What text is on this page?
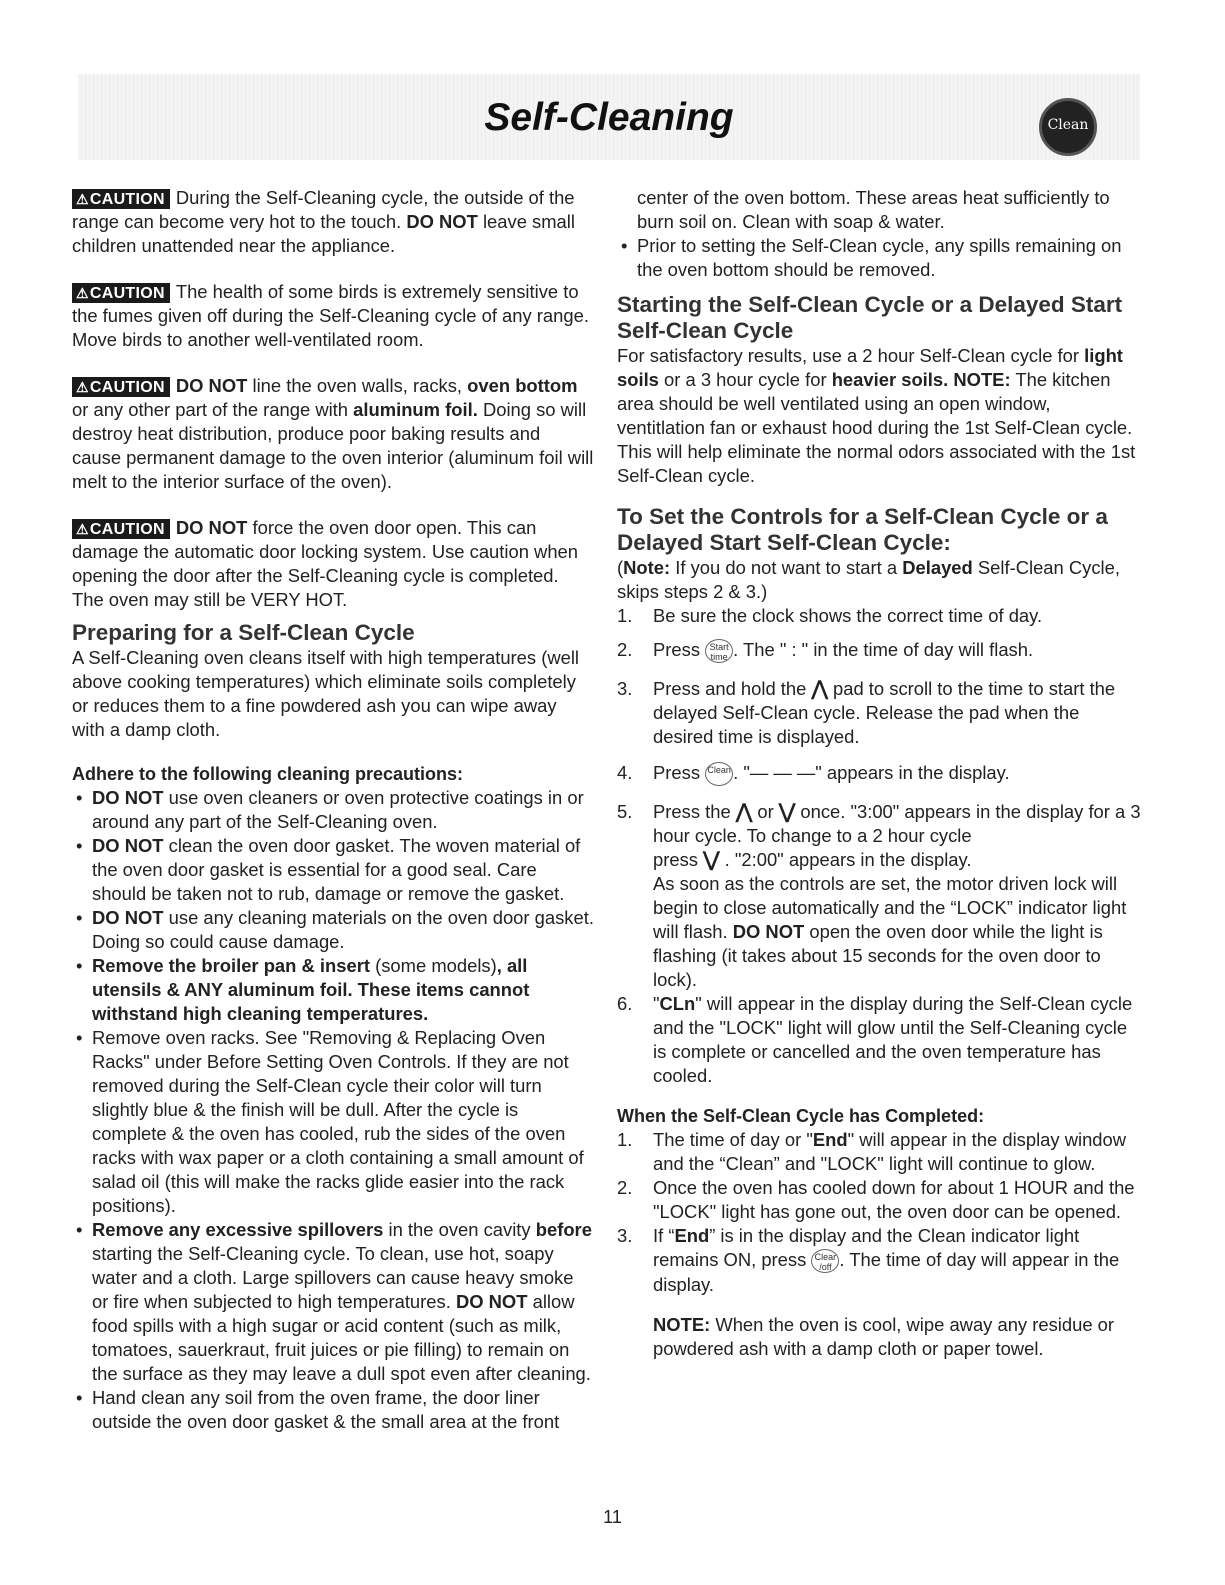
Self-Cleaning	Clean

⚠CAUTION During the Self-Cleaning cycle, the outside of the range can become very hot to the touch. DO NOT leave small children unattended near the appliance.

⚠CAUTION The health of some birds is extremely sensitive to the fumes given off during the Self-Cleaning cycle of any range. Move birds to another well-ventilated room.

⚠CAUTION DO NOT line the oven walls, racks, oven bottom or any other part of the range with aluminum foil. Doing so will destroy heat distribution, produce poor baking results and cause permanent damage to the oven interior (aluminum foil will melt to the interior surface of the oven).

⚠CAUTION DO NOT force the oven door open. This can damage the automatic door locking system. Use caution when opening the door after the Self-Cleaning cycle is completed. The oven may still be VERY HOT.

Preparing for a Self-Clean Cycle

A Self-Cleaning oven cleans itself with high temperatures (well above cooking temperatures) which eliminate soils completely or reduces them to a fine powdered ash you can wipe away with a damp cloth.

Adhere to the following cleaning precautions:
• DO NOT use oven cleaners or oven protective coatings in or around any part of the Self-Cleaning oven.
• DO NOT clean the oven door gasket. The woven material of the oven door gasket is essential for a good seal. Care should be taken not to rub, damage or remove the gasket.
• DO NOT use any cleaning materials on the oven door gasket. Doing so could cause damage.
• Remove the broiler pan & insert (some models), all utensils & ANY aluminum foil. These items cannot withstand high cleaning temperatures.
• Remove oven racks. See "Removing & Replacing Oven Racks" under Before Setting Oven Controls. If they are not removed during the Self-Clean cycle their color will turn slightly blue & the finish will be dull. After the cycle is complete & the oven has cooled, rub the sides of the oven racks with wax paper or a cloth containing a small amount of salad oil (this will make the racks glide easier into the rack positions).
• Remove any excessive spillovers in the oven cavity before starting the Self-Cleaning cycle. To clean, use hot, soapy water and a cloth. Large spillovers can cause heavy smoke or fire when subjected to high temperatures. DO NOT allow food spills with a high sugar or acid content (such as milk, tomatoes, sauerkraut, fruit juices or pie filling) to remain on the surface as they may leave a dull spot even after cleaning.
• Hand clean any soil from the oven frame, the door liner outside the oven door gasket & the small area at the front

center of the oven bottom. These areas heat sufficiently to burn soil on. Clean with soap & water.

• Prior to setting the Self-Clean cycle, any spills remaining on the oven bottom should be removed.
Starting the Self-Clean Cycle or a Delayed Start Self-Clean Cycle

For satisfactory results, use a 2 hour Self-Clean cycle for light soils or a 3 hour cycle for heavier soils. NOTE: The kitchen area should be well ventilated using an open window, ventitlation fan or exhaust hood during the 1st Self-Clean cycle. This will help eliminate the normal odors associated with the 1st Self-Clean cycle.

To Set the Controls for a Self-Clean Cycle or a Delayed Start Self-Clean Cycle:

(Note: If you do not want to start a Delayed Self-Clean Cycle, skips steps 2 & 3.)

1. Be sure the clock shows the correct time of day.
2. Press Start time . The " : " in the time of day will flash.
3. Press and hold the ⋀ pad to scroll to the time to start the delayed Self-Clean cycle. Release the pad when the desired time is displayed.
4. Press Clean . "— — —" appears in the display.
5. Press the ⋀ or ⋁ once. "3:00" appears in the display for a 3 hour cycle. To change to a 2 hour cycle
press ⋁ . "2:00" appears in the display.
As soon as the controls are set, the motor driven lock will begin to close automatically and the “LOCK” indicator light will flash. DO NOT open the oven door while the light is flashing (it takes about 15 seconds for the oven door to lock).
6. "CLn" will appear in the display during the Self-Clean cycle and the "LOCK" light will glow until the Self-Cleaning cycle is complete or cancelled and the oven temperature has cooled.
When the Self-Clean Cycle has Completed:
1. The time of day or "End" will appear in the display window and the “Clean” and "LOCK" light will continue to glow.
2. Once the oven has cooled down for about 1 HOUR and the "LOCK" light has gone out, the oven door can be opened.
3. If “End” is in the display and the Clean indicator light remains ON, press Clear /off . The time of day will appear in the display.

NOTE: When the oven is cool, wipe away any residue or powdered ash with a damp cloth or paper towel.

11
